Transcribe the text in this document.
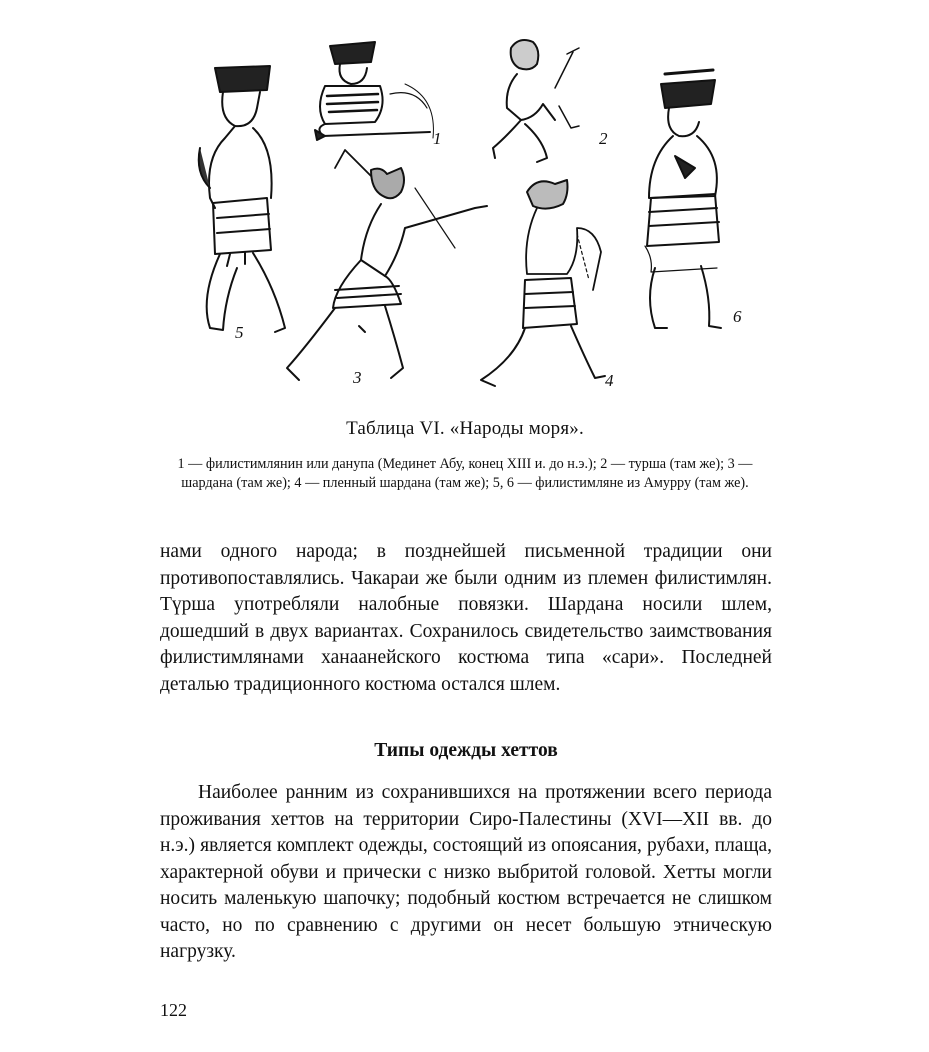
2
1
3	4
5
6
Таблица VI. «Народы моря».
1 — филистимлянин или данупа (Мединет Абу, конец XIII и. до н.э.); 2 — турша (там же); 3 — шардана (там же); 4 — пленный шардана (там же); 5, 6 — филистимляне из Амурру (там же).
нами одного народа; в позднейшей письменной традиции они противопоставлялись. Чакараи же были одним из племен филистимлян. Түрша употребляли налобные повязки. Шардана носили шлем, дошедший в двух вариантах. Сохранилось свидетельство заимствования филистимлянами ханаанейского костюма типа «сари». Последней деталью традиционного костюма остался шлем.
Типы одежды хеттов
Наиболее ранним из сохранившихся на протяжении всего периода проживания хеттов на территории Сиро-Палестины (XVI—XII вв. до н.э.) является комплект одежды, состоящий из опоясания, рубахи, плаща, характерной обуви и прически с низко выбритой головой. Хетты могли носить маленькую шапочку; подобный костюм встречается не слишком часто, но по сравнению с другими он несет большую этническую нагрузку.
122
